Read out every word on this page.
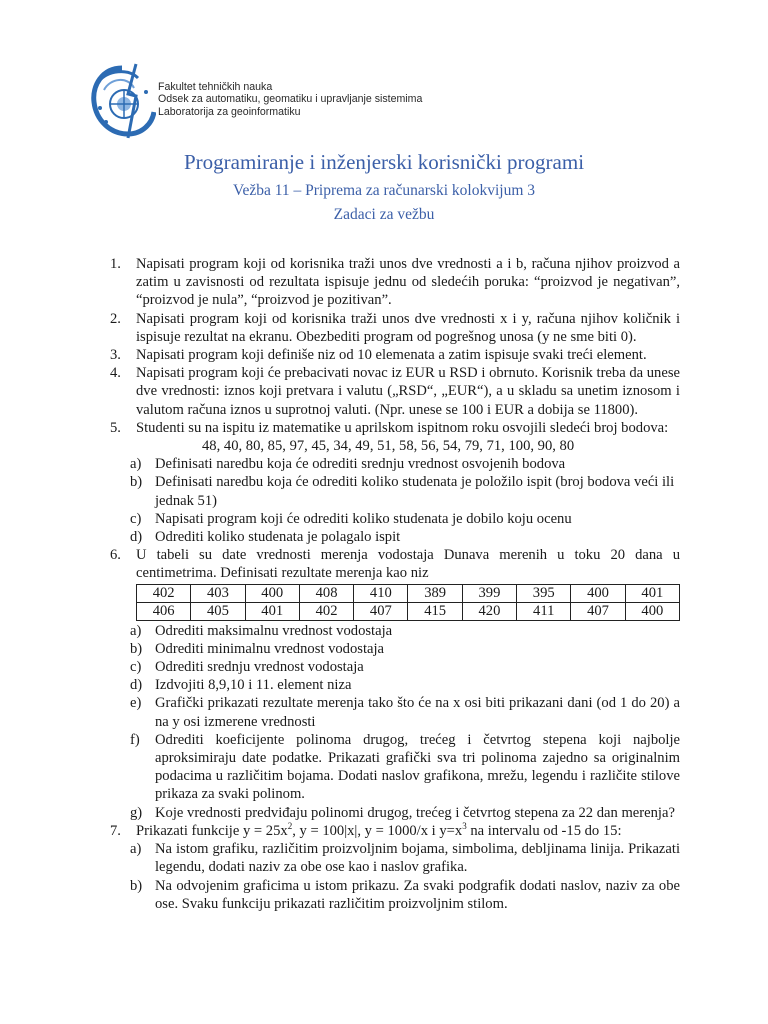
Fakultet tehničkih nauka
Odsek za automatiku, geomatiku i upravljanje sistemima
Laboratorija za geoinformatiku
Programiranje i inženjerski korisnički programi
Vežba 11 – Priprema za računarski kolokvijum 3
Zadaci za vežbu
1. Napisati program koji od korisnika traži unos dve vrednosti a i b, računa njihov proizvod a zatim u zavisnosti od rezultata ispisuje jednu od sledećih poruka: “proizvod je negativan”, “proizvod je nula”, “proizvod je pozitivan”.
2. Napisati program koji od korisnika traži unos dve vrednosti x i y, računa njihov količnik i ispisuje rezultat na ekranu. Obezbediti program od pogrešnog unosa (y ne sme biti 0).
3. Napisati program koji definiše niz od 10 elemenata a zatim ispisuje svaki treći element.
4. Napisati program koji će prebacivati novac iz EUR u RSD i obrnuto. Korisnik treba da unese dve vrednosti: iznos koji pretvara i valutu („RSD“, „EUR“), a u skladu sa unetim iznosom i valutom računa iznos u suprotnoj valuti. (Npr. unese se 100 i EUR a dobija se 11800).
5. Studenti su na ispitu iz matematike u aprilskom ispitnom roku osvojili sledeći broj bodova:
48, 40, 80, 85, 97, 45, 34, 49, 51, 58, 56, 54, 79, 71, 100, 90, 80
a) Definisati naredbu koja će odrediti srednju vrednost osvojenih bodova
b) Definisati naredbu koja će odrediti koliko studenata je položilo ispit (broj bodova veći ili jednak 51)
c) Napisati program koji će odrediti koliko studenata je dobilo koju ocenu
d) Odrediti koliko studenata je polagalo ispit
6. U tabeli su date vrednosti merenja vodostaja Dunava merenih u toku 20 dana u centimetrima. Definisati rezultate merenja kao niz
402	403	400	408	410	389	399	395	400	401
406	405	401	402	407	415	420	411	407	400
a) Odrediti maksimalnu vrednost vodostaja
b) Odrediti minimalnu vrednost vodostaja
c) Odrediti srednju vrednost vodostaja
d) Izdvojiti 8,9,10 i 11. element niza
e) Grafički prikazati rezultate merenja tako što će na x osi biti prikazani dani (od 1 do 20) a na y osi izmerene vrednosti
f) Odrediti koeficijente polinoma drugog, trećeg i četvrtog stepena koji najbolje aproksimiraju date podatke. Prikazati grafički sva tri polinoma zajedno sa originalnim podacima u različitim bojama. Dodati naslov grafikona, mrežu, legendu i različite stilove prikaza za svaki polinom.
g) Koje vrednosti predviđaju polinomi drugog, trećeg i četvrtog stepena za 22 dan merenja?
7. Prikazati funkcije $y = 25x^2$, y = 100|x|, y = 1000/x i $y=x^3$ na intervalu od -15 do 15:
a) Na istom grafiku, različitim proizvoljnim bojama, simbolima, debljinama linija. Prikazati legendu, dodati naziv za obe ose kao i naslov grafika.
b) Na odvojenim graficima u istom prikazu. Za svaki podgrafik dodati naslov, naziv za obe ose. Svaku funkciju prikazati različitim proizvoljnim stilom.
